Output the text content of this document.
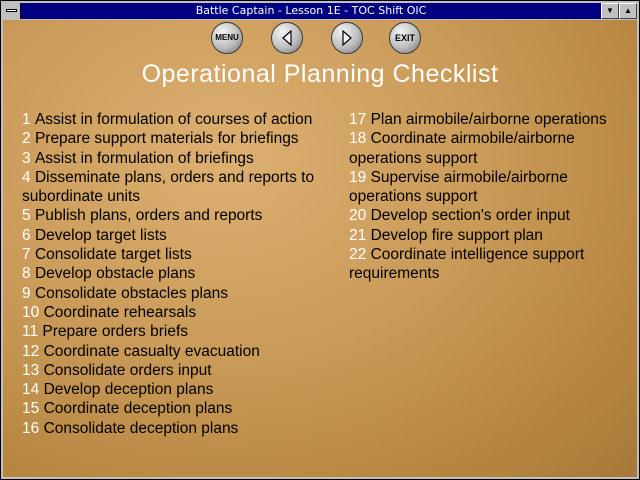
Battle Captain - Lesson 1E - TOC Shift OIC	▼	▲
MENU	EXIT
Operational Planning Checklist
1 Assist in formulation of courses of action
2 Prepare support materials for briefings
3 Assist in formulation of briefings
4 Disseminate plans, orders and reports to subordinate units
5 Publish plans, orders and reports
6 Develop target lists
7 Consolidate target lists
8 Develop obstacle plans
9 Consolidate obstacles plans
10 Coordinate rehearsals
11 Prepare orders briefs
12 Coordinate casualty evacuation
13 Consolidate orders input
14 Develop deception plans
15 Coordinate deception plans
16 Consolidate deception plans
17 Plan airmobile/airborne operations
18 Coordinate airmobile/airborne operations support
19 Supervise airmobile/airborne operations support
20 Develop section's order input
21 Develop fire support plan
22 Coordinate intelligence support requirements
